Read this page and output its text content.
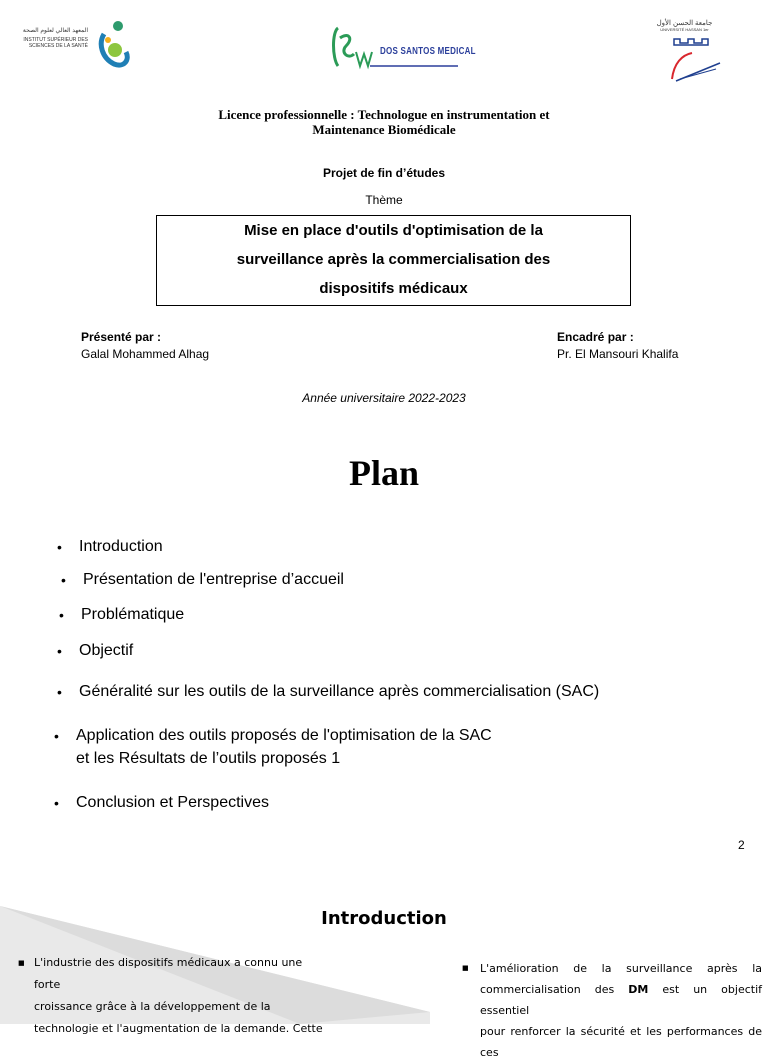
المعهد العالي لعلوم الصحة
INSTITUT SUPÉRIEUR DES SCIENCES DE LA SANTÉ	DOS SANTOS MEDICAL
جامعة الحسن الأول
UNIVERSITÉ HASSAN 1er
Licence professionnelle : Technologue en instrumentation et Maintenance Biomédicale
Projet de fin d’études
Thème
Mise en place d'outils d'optimisation de la
surveillance après la commercialisation des
dispositifs médicaux
Présenté par :
Galal Mohammed Alhag
Encadré par :
Pr. El Mansouri Khalifa
Année universitaire 2022-2023
Plan
• Introduction
• Présentation de l'entreprise d’accueil
• Problématique
• Objectif
• Généralité sur les outils de la surveillance après commercialisation (SAC)
• Application des outils proposés de l'optimisation de la SAC
et les Résultats de l’outils proposés 1
• Conclusion et Perspectives
2
Introduction
■ L'industrie des dispositifs médicaux a connu une forte
croissance grâce à la développement de la
technologie et l'augmentation de la demande. Cette
■ L'amélioration de la surveillance après la
commercialisation des DM est un objectif essentiel
pour renforcer la sécurité et les performances de ces
